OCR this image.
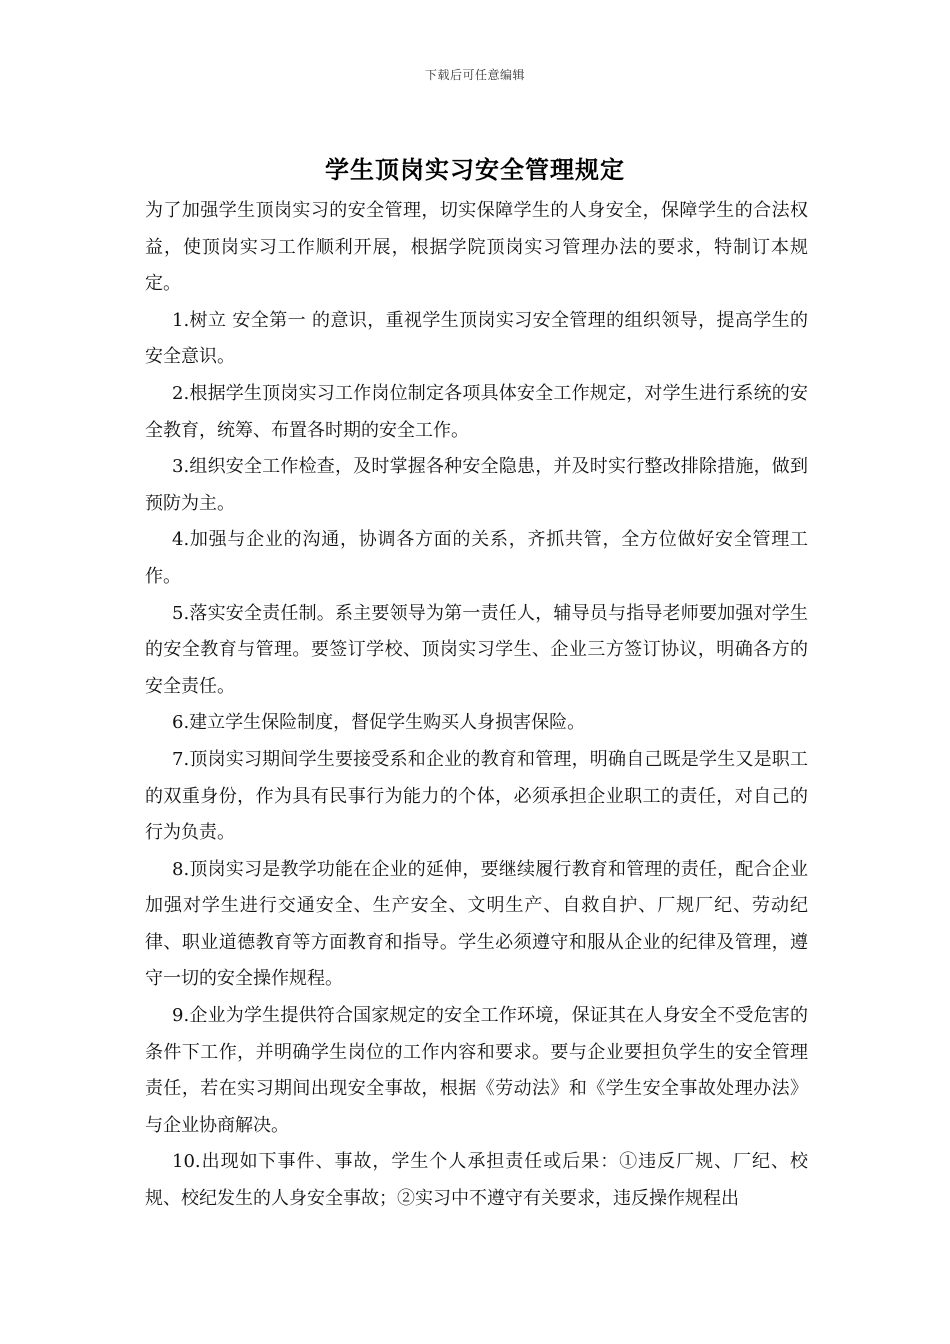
下载后可任意编辑
学生顶岗实习安全管理规定

为了加强学生顶岗实习的安全管理，切实保障学生的人身安全，保障学生的合法权益，使顶岗实习工作顺利开展，根据学院顶岗实习管理办法的要求，特制订本规定。

1.树立 安全第一 的意识，重视学生顶岗实习安全管理的组织领导，提高学生的安全意识。

2.根据学生顶岗实习工作岗位制定各项具体安全工作规定，对学生进行系统的安全教育，统筹、布置各时期的安全工作。

3.组织安全工作检查，及时掌握各种安全隐患，并及时实行整改排除措施，做到预防为主。

4.加强与企业的沟通，协调各方面的关系，齐抓共管，全方位做好安全管理工作。

5.落实安全责任制。系主要领导为第一责任人，辅导员与指导老师要加强对学生的安全教育与管理。要签订学校、顶岗实习学生、企业三方签订协议，明确各方的安全责任。

6.建立学生保险制度，督促学生购买人身损害保险。

7.顶岗实习期间学生要接受系和企业的教育和管理，明确自己既是学生又是职工的双重身份，作为具有民事行为能力的个体，必须承担企业职工的责任，对自己的行为负责。

8.顶岗实习是教学功能在企业的延伸，要继续履行教育和管理的责任，配合企业加强对学生进行交通安全、生产安全、文明生产、自救自护、厂规厂纪、劳动纪律、职业道德教育等方面教育和指导。学生必须遵守和服从企业的纪律及管理，遵守一切的安全操作规程。

9.企业为学生提供符合国家规定的安全工作环境，保证其在人身安全不受危害的条件下工作，并明确学生岗位的工作内容和要求。要与企业要担负学生的安全管理责任，若在实习期间出现安全事故，根据《劳动法》和《学生安全事故处理办法》与企业协商解决。

10.出现如下事件、事故，学生个人承担责任或后果：①违反厂规、厂纪、校规、校纪发生的人身安全事故；②实习中不遵守有关要求，违反操作规程出
